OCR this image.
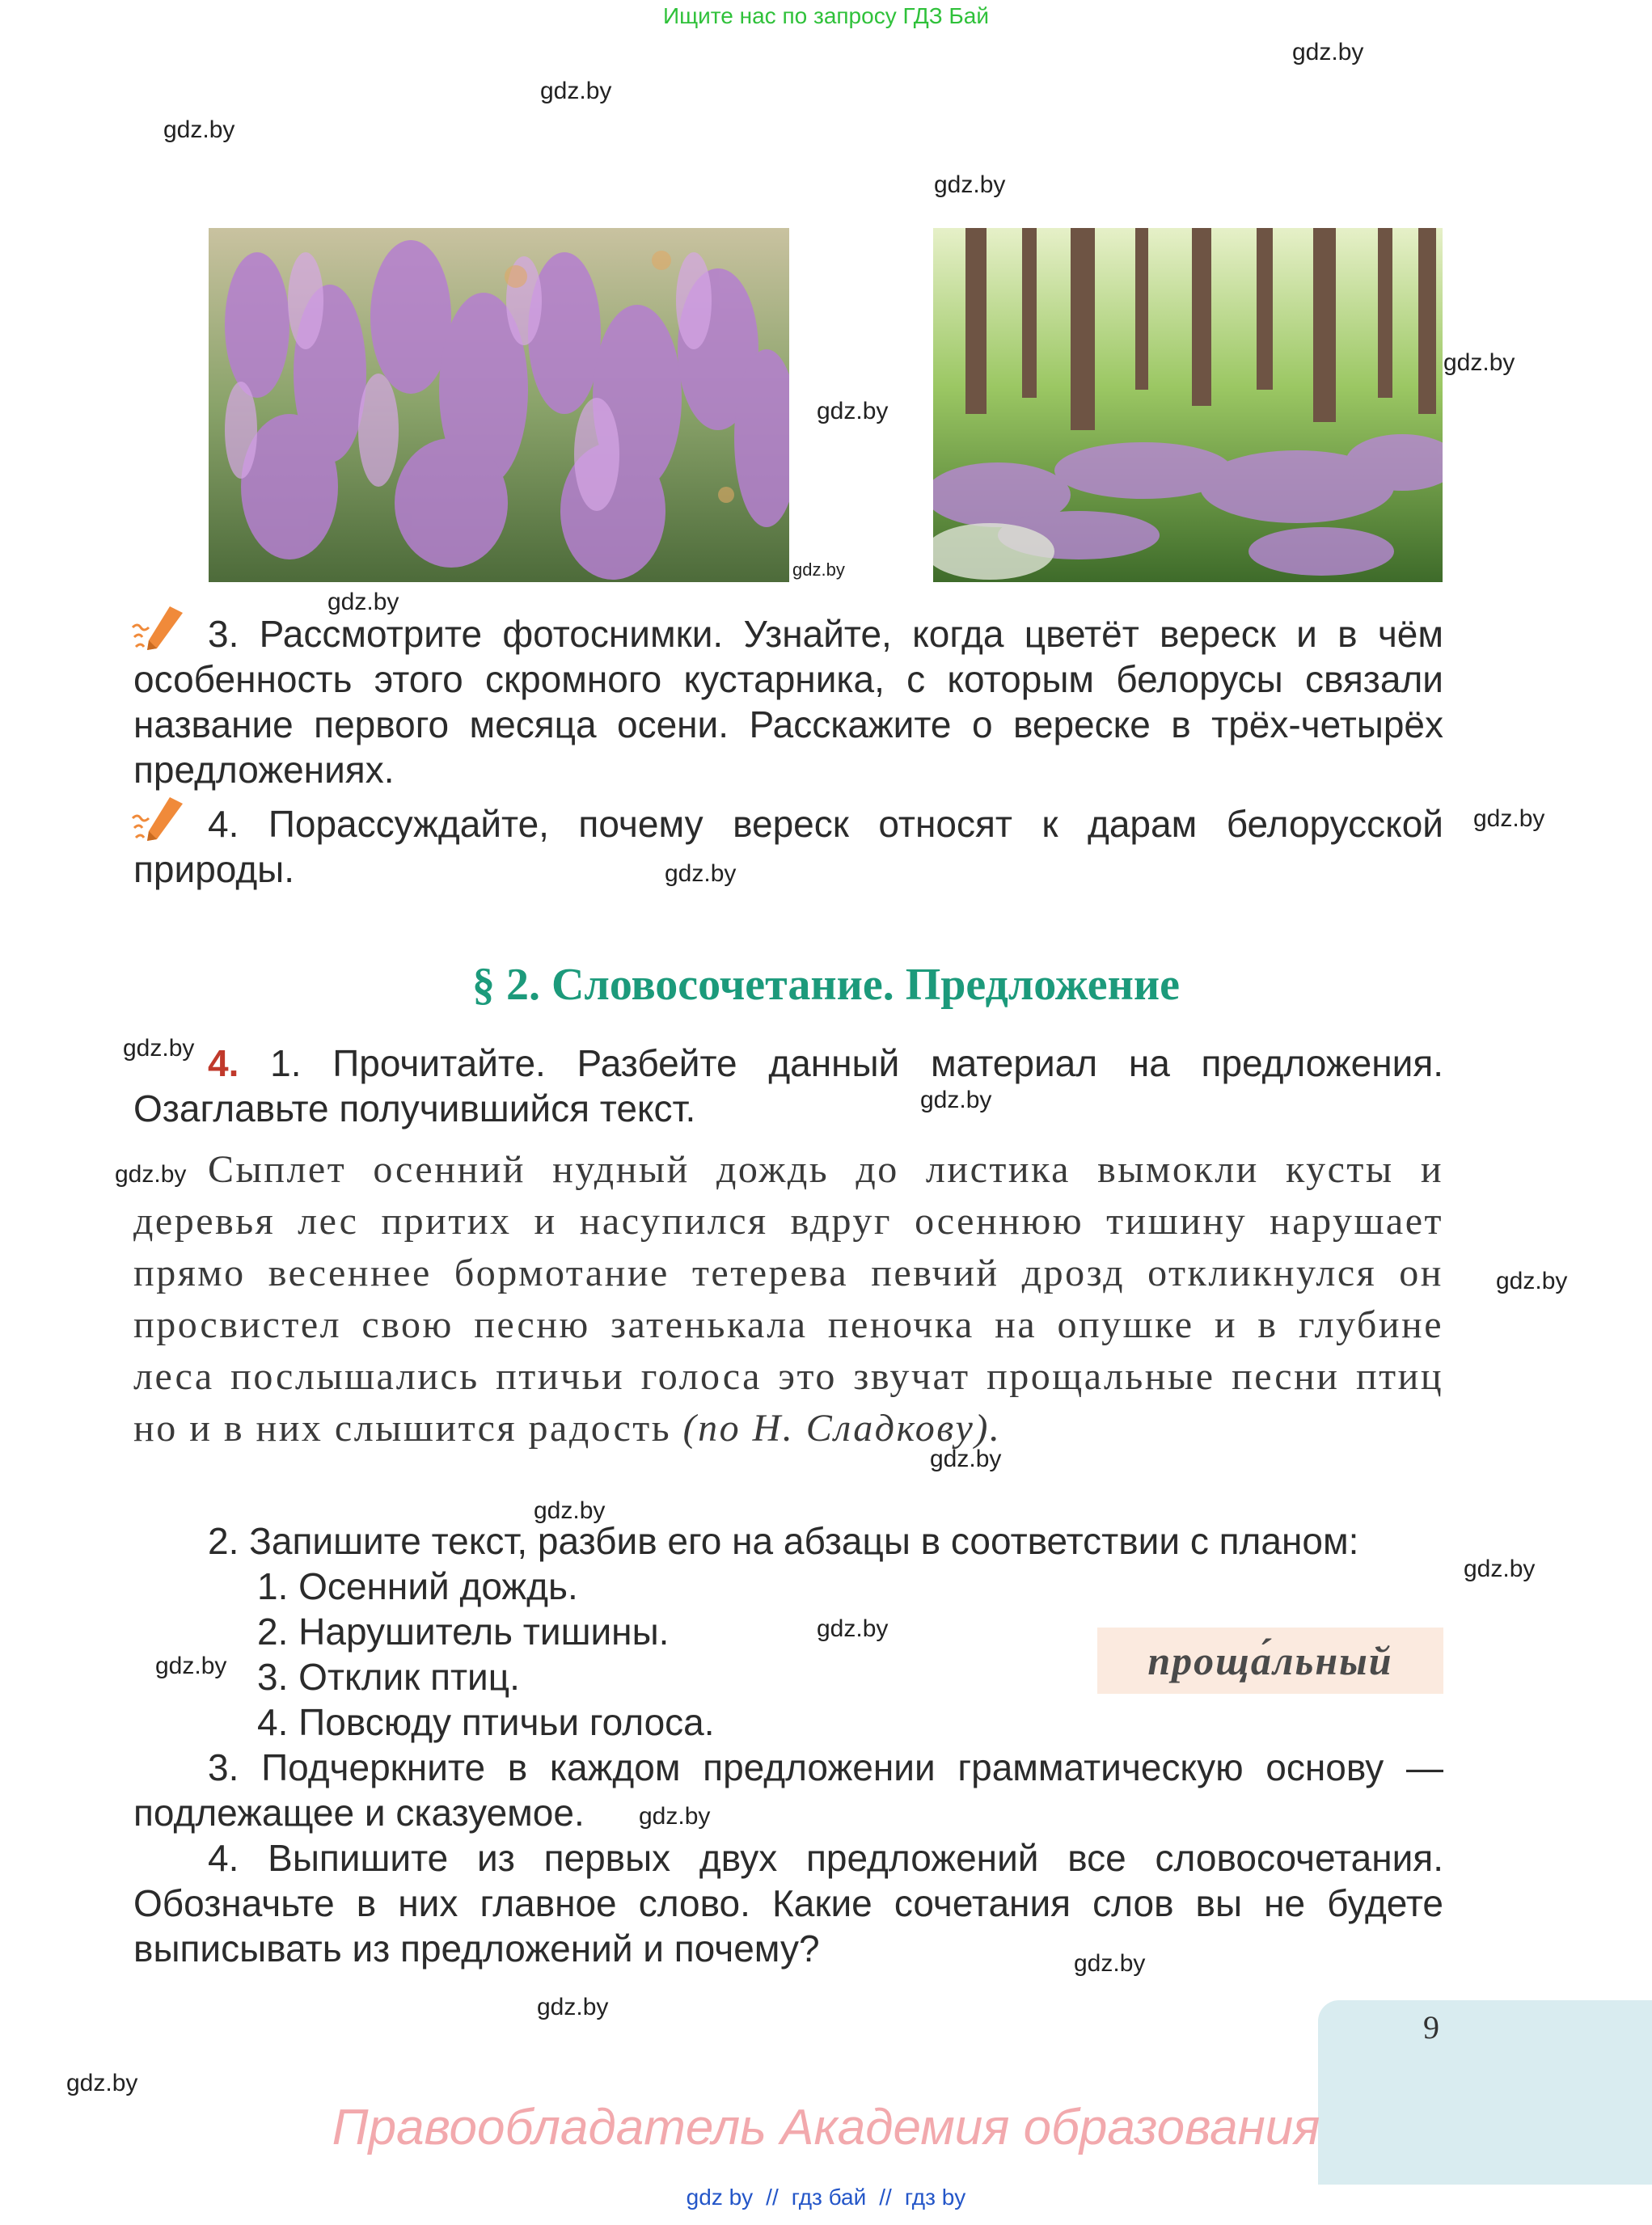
Ищите нас по запросу ГДЗ Бай
gdz.by
gdz.by
gdz.by
gdz.by
gdz.by
gdz.by
gdz.by
gdz.by
gdz.by
gdz.by
gdz.by
gdz.by
gdz.by
gdz.by
gdz.by
gdz.by
gdz.by
gdz.by
gdz.by
gdz.by
gdz.by
gdz.by
gdz.by
3. Рассмотрите фотоснимки. Узнайте, когда цветёт вереск и в чём особенность этого скромного кустарника, с которым белорусы связали название первого месяца осени. Расскажите о вереске в трёх-четырёх предложениях.
4. Порассуждайте, почему вереск относят к дарам белорусской природы.
§ 2. Словосочетание. Предложение
4. 1. Прочитайте. Разбейте данный материал на предложения. Озаглавьте получившийся текст.
Сыплет осенний нудный дождь до листика вымокли кусты и деревья лес притих и насупился вдруг осеннюю тишину нарушает прямо весеннее бормотание тетерева певчий дрозд откликнулся он просвистел свою песню затенькала пеночка на опушке и в глубине леса послышались птичьи голоса это звучат прощальные песни птиц но и в них слышится радость (по Н. Сладкову).
2. Запишите текст, разбив его на абзацы в соответствии с планом:
1. Осенний дождь.
2. Нарушитель тишины.
3. Отклик птиц.
4. Повсюду птичьи голоса.
проща́льный
3. Подчеркните в каждом предложении грамматическую основу — подлежащее и сказуемое.
4. Выпишите из первых двух предложений все словосочетания. Обозначьте в них главное слово. Какие сочетания слов вы не будете выписывать из предложений и почему?
9
Правообладатель Академия образования
gdz by // гдз бай // гдз by
